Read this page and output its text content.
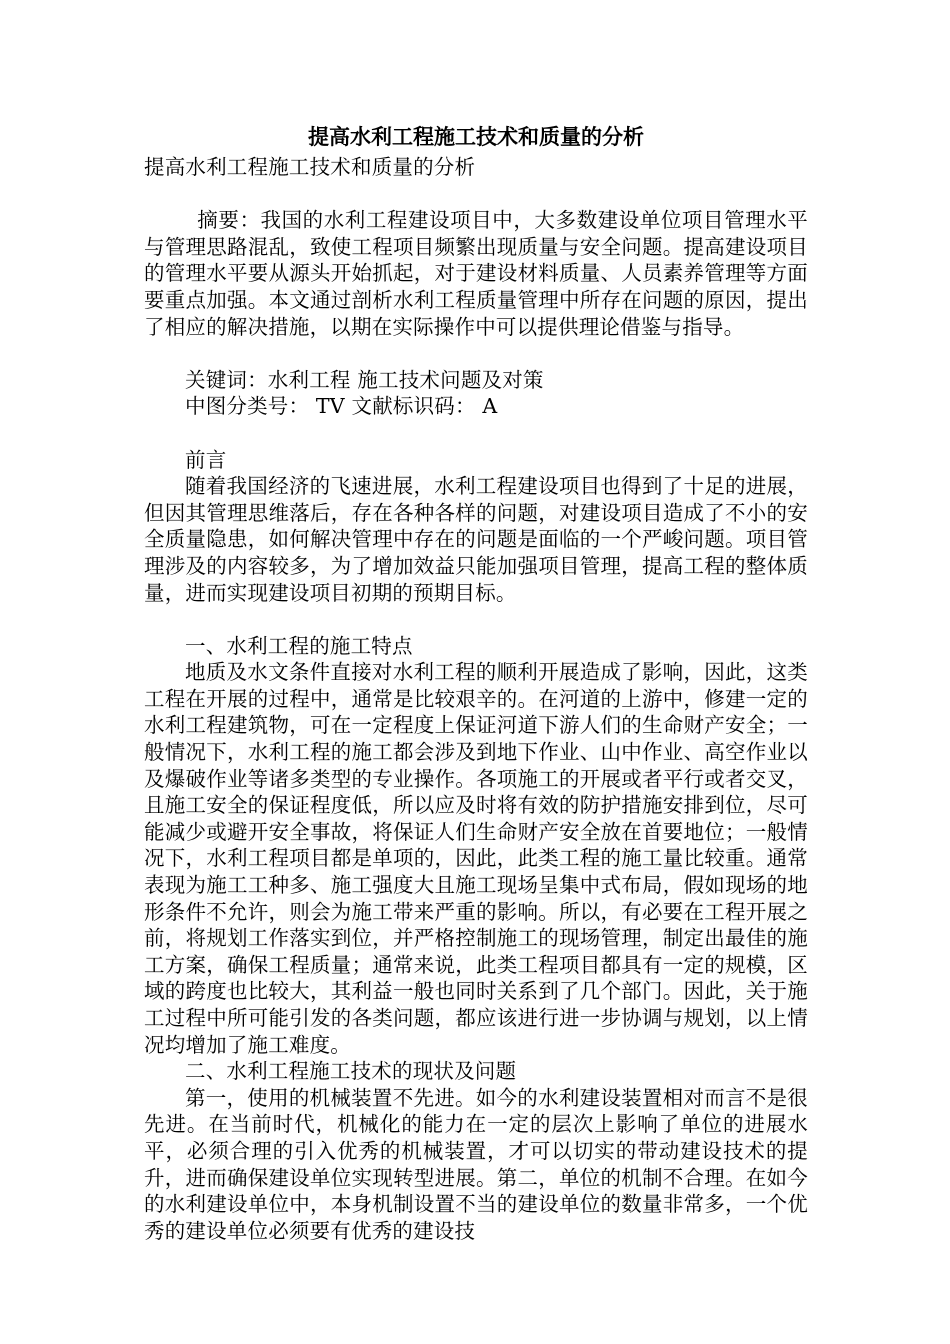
提高水利工程施工技术和质量的分析

提高水利工程施工技术和质量的分析

摘要：我国的水利工程建设项目中，大多数建设单位项目管理水平与管理思路混乱，致使工程项目频繁出现质量与安全问题。提高建设项目的管理水平要从源头开始抓起，对于建设材料质量、人员素养管理等方面要重点加强。本文通过剖析水利工程质量管理中所存在问题的原因，提出了相应的解决措施，以期在实际操作中可以提供理论借鉴与指导。

关键词：水利工程 施工技术问题及对策

中图分类号： TV 文献标识码： A

前言

随着我国经济的飞速进展，水利工程建设项目也得到了十足的进展，但因其管理思维落后，存在各种各样的问题，对建设项目造成了不小的安全质量隐患，如何解决管理中存在的问题是面临的一个严峻问题。项目管理涉及的内容较多，为了增加效益只能加强项目管理，提高工程的整体质量，进而实现建设项目初期的预期目标。

一、水利工程的施工特点

地质及水文条件直接对水利工程的顺利开展造成了影响，因此，这类工程在开展的过程中，通常是比较艰辛的。在河道的上游中，修建一定的水利工程建筑物，可在一定程度上保证河道下游人们的生命财产安全；一般情况下，水利工程的施工都会涉及到地下作业、山中作业、高空作业以及爆破作业等诸多类型的专业操作。各项施工的开展或者平行或者交叉，且施工安全的保证程度低，所以应及时将有效的防护措施安排到位，尽可能减少或避开安全事故，将保证人们生命财产安全放在首要地位；一般情况下，水利工程项目都是单项的，因此，此类工程的施工量比较重。通常表现为施工工种多、施工强度大且施工现场呈集中式布局，假如现场的地形条件不允许，则会为施工带来严重的影响。所以，有必要在工程开展之前，将规划工作落实到位，并严格控制施工的现场管理，制定出最佳的施工方案，确保工程质量；通常来说，此类工程项目都具有一定的规模，区域的跨度也比较大，其利益一般也同时关系到了几个部门。因此，关于施工过程中所可能引发的各类问题，都应该进行进一步协调与规划，以上情况均增加了施工难度。

二、水利工程施工技术的现状及问题

第一，使用的机械装置不先进。如今的水利建设装置相对而言不是很先进。在当前时代，机械化的能力在一定的层次上影响了单位的进展水平，必须合理的引入优秀的机械装置，才可以切实的带动建设技术的提升，进而确保建设单位实现转型进展。第二，单位的机制不合理。在如今的水利建设单位中，本身机制设置不当的建设单位的数量非常多，一个优秀的建设单位必须要有优秀的建设技
